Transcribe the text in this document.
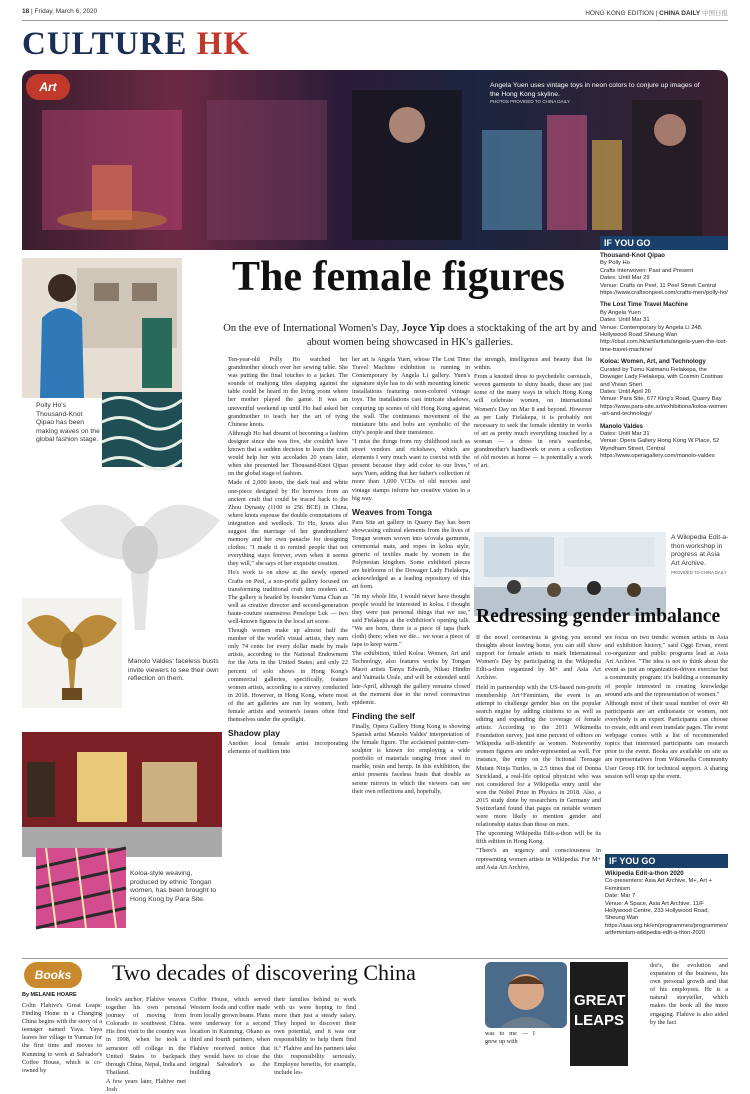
18 | Friday, March 6, 2020	HONG KONG EDITION | CHINA DAILY 中国日报
CULTURE HK
Angela Yuen uses vintage toys in neon colors to conjure up images of the Hong Kong skyline.
PHOTOS PROVIDED TO CHINA DAILY
Art
Polly Ho's Thousand-Knot Qipao has been making waves on the global fashion stage.
Manolo Valdes' faceless busts invite viewers to see their own reflection on them.
Koloa-style weaving, produced by ethnic Tongan women, has been brought to Hong Kong by Para Site.
The female figures
On the eve of International Women's Day, Joyce Yip does a stocktaking of the art by and about women being showcased in HK's galleries.

Ten-year-old Polly Ho watched her grandmother slouch over her sewing table. She was putting the final touches to a jacket. The sounds of mahjong tiles slapping against the table could be heard in the living room where her mother played the game. It was an uneventful weekend up until Ho had asked her grandmother to teach her the art of tying Chinese knots.

Although Ho had dreamt of becoming a fashion designer since she was five, she couldn't have known that a sudden decision to learn the craft would help her win accolades 20 years later, when she presented her Thousand-Knot Qipao on the global stage of fashion.

Made of 2,000 knots, the dark teal and white one-piece designed by Ho borrows from an ancient craft that could be traced back to the Zhou Dynasty (1100 to 256 BCE) in China, where knots espouse the double connotations of integration and wedlock. To Ho, knots also suggest the marriage of her grandmothers' memory and her own panache for designing clothes: "I made it to remind people that not everything stays forever, even when it seems they will," she says of her exquisite creation.

Ho's work is on show at the newly opened Crafts on Peel, a non-profit gallery focused on transforming traditional craft into modern art. The gallery is headed by founder Yama Chan as well as creative director and second-generation haute-couture seamstress Penelope Luk — two well-known figures in the local art scene.

Though women make up almost half the number of the world's visual artists, they earn only 74 cents for every dollar made by male artists, according to the National Endowment for the Arts in the United States; and only 22 percent of solo shows in Hong Kong's commercial galleries, specifically, feature women artists, according to a survey conducted in 2018. However, in Hong Kong, where most of the art galleries are run by women, both female artists and women's issues often find themselves under the spotlight.

Shadow play

Another local female artist incorporating elements of tradition into

her art is Angela Yuen, whose The Lost Time Travel Machine exhibition is running in Contemporary by Angela Li gallery. Yuen's signature style has to do with mounting kinetic installations featuring neon-colored vintage toys. The installations cast intricate shadows, conjuring up scenes of old Hong Kong against the wall. The continuous movement of the miniature bits and bobs are symbolic of the city's people and their transience.

"I miss the things from my childhood such as street vendors and rickshaws, which are elements I very much want to coexist with the present because they add color to our lives," says Yuen, adding that her father's collection of more than 1,000 VCDs of old movies and vintage stamps inform her creative vision in a big way.

Weaves from Tonga

Para Site art gallery in Quarry Bay has been showcasing cultural elements from the lives of Tongan women woven into ta'ovala garments, ceremonial mats, and ropes in koloa style, generic of textiles made by women in the Polynesian kingdom. Some exhibited pieces are heirlooms of the Dowager Lady Fielakepa, acknowledged as a leading repository of this art form.

"In my whole life, I would never have thought people would be interested in koloa. I thought they were just personal things that we use," said Fielakepa at the exhibition's opening talk. "We are born, there is a piece of tapa (bark cloth) there; when we die... we wear a piece of tapa to keep warm."

The exhibition, titled Koloa: Women, Art and Technology, also features works by Tongan Maori artists Tanya Edwards, Nikau Hindin and Vaimaila Urale, and will be extended until late-April, although the gallery remains closed at the moment due to the novel coronavirus epidemic.

Finding the self

Finally, Opera Gallery Hong Kong is showing Spanish artist Manolo Valdes' interpretation of the female figure. The acclaimed painter-cum-sculptor is known for employing a wide portfolio of materials ranging from steel to marble, resin and hemp. In this exhibition, the artist presents faceless busts that double as serene mirrors in which the viewers can see their own reflections and, hopefully,

the strength, intelligence and beauty that lie within.

From a knotted dress to psychedelic carousels, woven garments to shiny heads, these are just some of the many ways in which Hong Kong will celebrate women, on International Women's Day on Mar 8 and beyond. However as per Lady Fielakepa, it is probably not necessary to seek the female identity in works of art as pretty much everything touched by a woman — a dress in one's wardrobe, grandmother's handiwork or even a collection of old movies at home — is potentially a work of art.

IF YOU GO
Thousand-Knot Qipao
By Polly Ho
Crafts Interwoven: Past and Present
Dates: Until Mar 29
Venue: Crafts on Peel, 11 Peel Street Central
https://www.craftsonpeel.com/crafts-men/polly-ho/
The Lost Time Travel Machine
By Angela Yuen
Dates: Until Mar 31
Venue: Contemporary by Angela Li 248, Hollywood Road Sheung Wan
http://cbal.com.hk/art/artists/angela-yuen-the-lost-time-travel-machine/
Koloa: Women, Art, and Technology
Curated by Tumu Kaimanu Fielakepa, the Dowager Lady Fielakepa, with Cosmin Costinas and Vivian Sheri
Dates: Until April 26
Venue: Para Site, 677 King's Road, Quarry Bay
https://www.para-site.art/exhibitions/koloa-women-art-and-technology/
Manolo Valdes
Dates: Until Mar 31
Venue: Opera Gallery Hong Kong W Place, 52 Wyndham Street, Central
https://www.operagallery.com/manolo-valdes
A Wikipedia Edit-a-thon workshop in progress at Asia Art Archive.
PROVIDED TO CHINA DAILY
Redressing gender imbalance

If the novel coronavirus is giving you second thoughts about leaving home, you can still show support for female artists to mark International Women's Day by participating in the Wikipedia Edit-a-thon organized by M+ and Asia Art Archive.

Held in partnership with the US-based non-profit membership Art+Feminism, the event is an attempt to challenge gender bias on the popular search engine by adding citations to as well as editing and expanding the coverage of female artists. According to the 2011 Wikimedia Foundation survey, just nine percent of editors on Wikipedia self-identify as women. Noteworthy women figures are under-represented as well. For instance, the entry on the fictional Teenage Mutant Ninja Turtles, is 2.5 times that of Donna Strickland, a real-life optical physicist who was not considered for a Wikipedia entry until she won the Nobel Prize in Physics in 2018. Also, a 2015 study done by researchers in Germany and Switzerland found that pages on notable women were more likely to mention gender and relationship status than those on men.

The upcoming Wikipedia Edit-a-thon will be its fifth edition in Hong Kong.

"There's an urgency and consciousness in representing women artists in Wikipedia. For M+ and Asia Art Archive,

we focus on two trends: women artists in Asia and exhibition history," said Oggi Ervan, event co-organizer and public programs lead at Asia Art Archive. "The idea is not to think about the event as just an organization-driven exercise but a community program: it's building a community of people interested in creating knowledge around arts and the representation of women."

Although most of their usual number of over 40 participants are art enthusiasts or women, not everybody is an expert. Participants can choose to create, edit and even translate pages. The event webpage comes with a list of recommended topics that interested participants can research prior to the event. Books are available on site as are representatives from Wikimedia Community User Group HK for technical support. A sharing session will wrap up the event.

IF YOU GO
Wikipedia Edit-a-thon 2020
Co-presenters: Asia Art Archive, M+, Art + Feminism
Date: Mar 7
Venue: A Space, Asia Art Archive, 11/F Hollywood Centre, 233 Hollywood Road, Sheung Wan
https://aaa.org.hk/en/programmes/programmes/artfeminism-wikipedia-edit-a-thon-2020
Books	Two decades of discovering China
By MELANIE HOARE

Colin Flahive's Great Leaps: Finding Home in a Changing China begins with the story of a teenager named Yaya. Yaya leaves her village in Yunnan for the first time and moves to Kunming to work at Salvador's Coffee House, which is co-owned by

book's anchor, Flahive weaves together his own personal journey of moving from Colorado to southwest China. His first visit to the country was in 1998, when he took a semester off college in the United States to backpack through China, Nepal, India and Thailand.

A few years later, Flahive met Josh

Coffee House, which served Western foods and coffee made from locally grown beans. Plans were underway for a second location in Kunming. Okano as third and fourth partners, when Flahive received notice that they would have to close the original Salvador's as the building

their families behind to work with us were hoping to find more than just a steady salary. They hoped to discover their own potential, and it was our responsibility to help them find it." Flahive and his partners take this responsibility seriously. Employee benefits, for example, include les-

was to me — I grew up with

GREAT
LEAPS

dor's, the evolution and expansion of the business, his own personal growth and that of his employees. He is a natural storyteller, which makes the book all the more engaging. Flahive is also aided by the fact
